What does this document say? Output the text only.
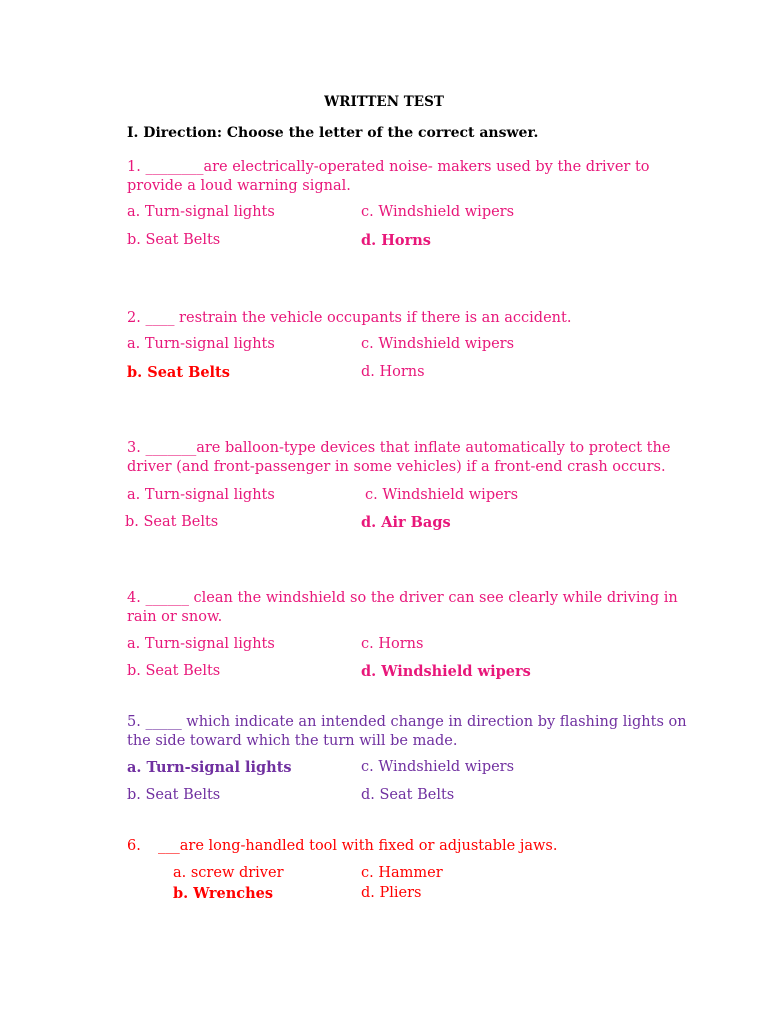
WRITTEN TEST
I. Direction: Choose the letter of the correct answer.
1. ________are electrically-operated noise- makers used by the driver to provide a loud warning signal.
a. Turn-signal lights	c. Windshield wipers
b. Seat Belts	d. Horns
2. ____ restrain the vehicle occupants if there is an accident.
a. Turn-signal lights	c. Windshield wipers
b. Seat Belts	d. Horns
3. _______are balloon-type devices that inflate automatically to protect the driver (and front-passenger in some vehicles) if a front-end crash occurs.
a. Turn-signal lights	c. Windshield wipers
b. Seat Belts	d. Air Bags
4. ______ clean the windshield so the driver can see clearly while driving in rain or snow.
a. Turn-signal lights	c. Horns
b. Seat Belts	d. Windshield wipers
5. _____ which indicate an intended change in direction by flashing lights on the side toward which the turn will be made.
a. Turn-signal lights	c. Windshield wipers
b. Seat Belts	d. Seat Belts
6. ___are long-handled tool with fixed or adjustable jaws.
a. screw driver	c. Hammer
b. Wrenches	d. Pliers
